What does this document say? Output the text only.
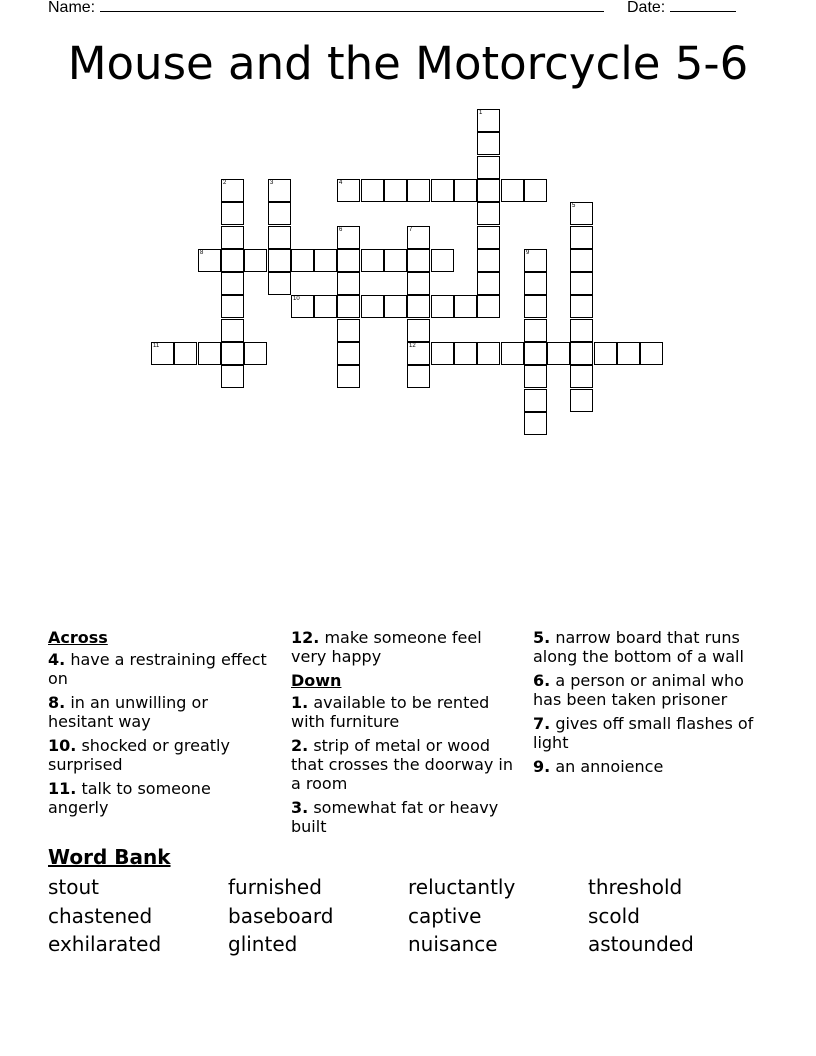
Name:	Date:
Mouse and the Motorcycle 5-6
1
2	3	4
5
6	7
12
8	9
10
11
Across
4. have a restraining effect on
8. in an unwilling or hesitant way
10. shocked or greatly surprised
11. talk to someone angerly
12. make someone feel very happy
Down
1. available to be rented with furniture
2. strip of metal or wood that crosses the doorway in a room
3. somewhat fat or heavy built
5. narrow board that runs along the bottom of a wall
6. a person or animal who has been taken prisoner
7. gives off small flashes of light
9. an annoience
Word Bank
stout	furnished	reluctantly	threshold
chastened	baseboard	captive	scold
exhilarated	glinted	nuisance	astounded
